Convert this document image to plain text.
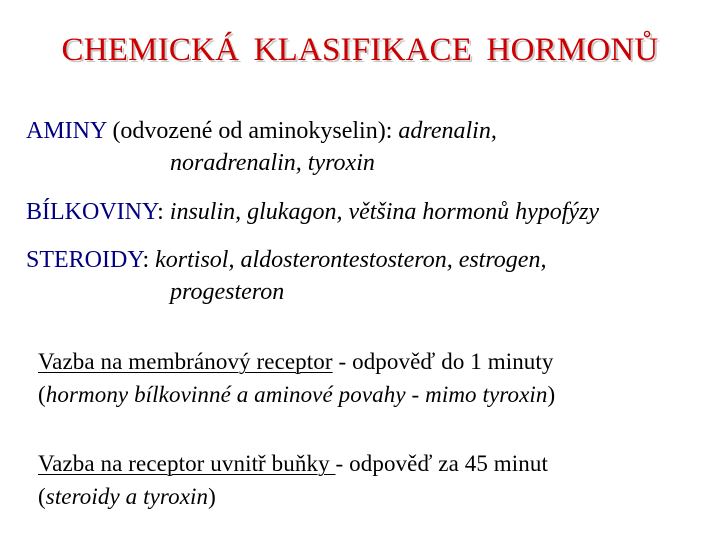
CHEMICKÁ KLASIFIKACE HORMONŮ
AMINY (odvozené od aminokyselin): adrenalin,
noradrenalin, tyroxin
BÍLKOVINY: insulin, glukagon, většina hormonů hypofýzy
STEROIDY: kortisol, aldosterontestosteron, estrogen,
progesteron
Vazba na membránový receptor - odpověď do 1 minuty
(hormony bílkovinné a aminové povahy - mimo tyroxin)
Vazba na receptor uvnitř buňky - odpověď za 45 minut
(steroidy a tyroxin)
